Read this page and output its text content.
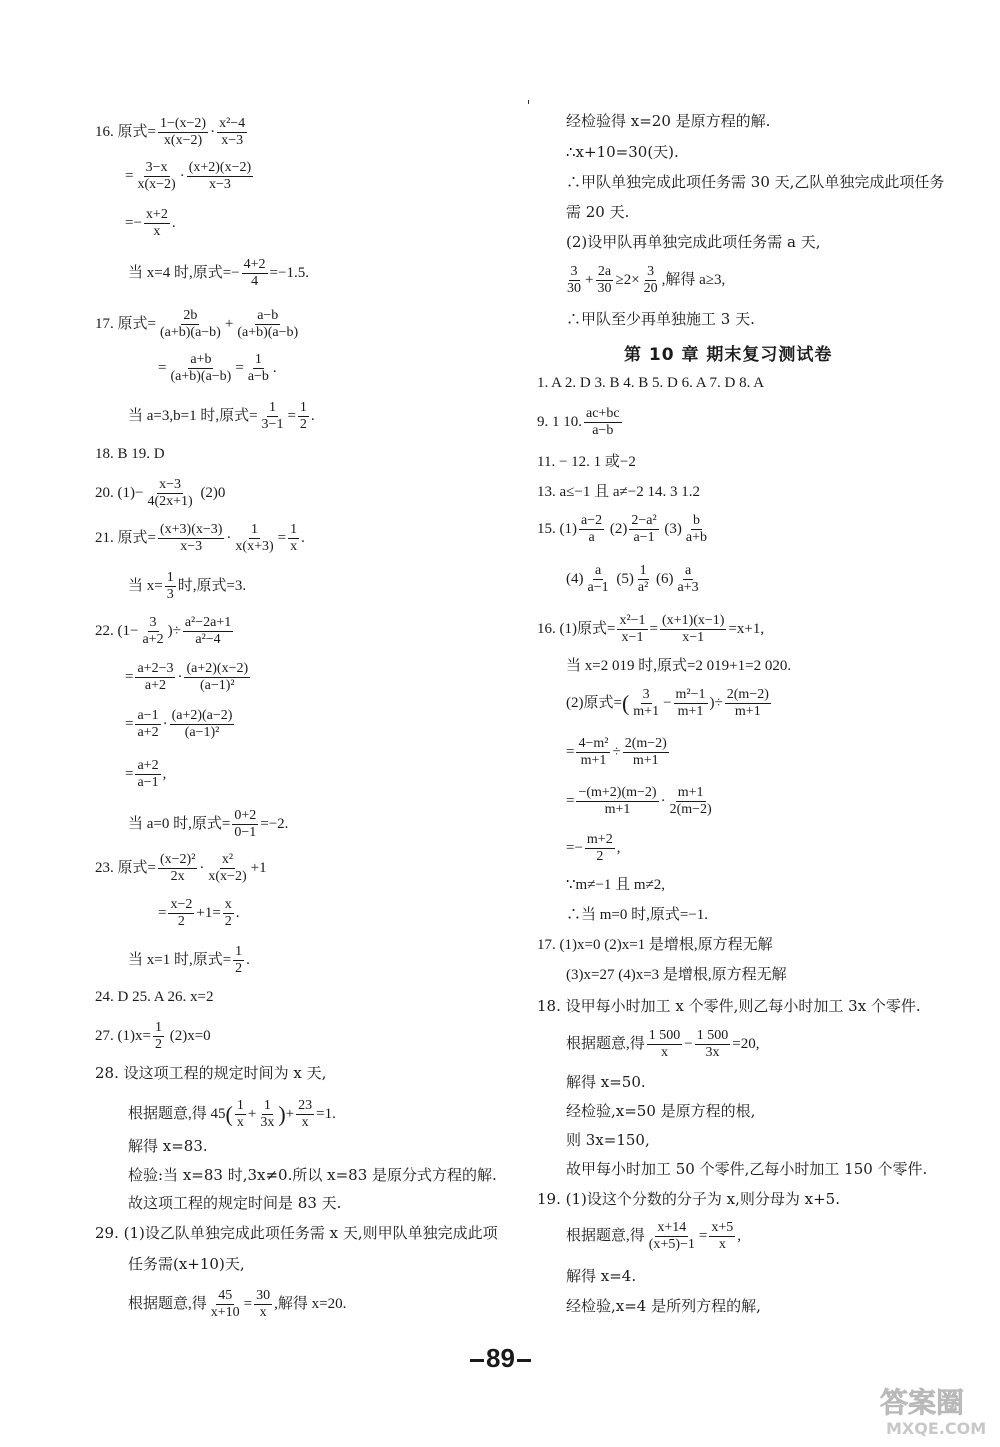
16. 原式= $\frac{1-(x-2)}{x(x-2)} \cdot \frac{\text{x²−4}}{x-3}$
= $\frac{3-x}{x(x-2)} \cdot \frac{(x+2)(x-2)}{x-3}$
=− $\frac{x+2}{x}$ .
当 x=4 时,原式=− $\frac{4+2}{4} =-1.5$.
17. 原式= $\frac{2b}{(a+b)(a-b)} + \frac{a-b}{(a+b)(a-b)}$
= $\frac{a+b}{(a+b)(a-b)} = \frac{1}{a-b}$ .
当 a=3,b=1 时,原式= $\frac{1}{3-1} = \frac{1}{2}$ .
18. B 19. D
20. $(1)- \frac{x-3}{4(2x+1)} (2)0$
21. 原式= $\frac{(x+3)(x-3)}{x-3} \cdot \frac{1}{x(x+3)} = \frac{1}{x}$ .
当 $x= \frac{1}{3}$ 时,原式=3.
22. ($1- \frac{3}{a+2}$ )÷ $\frac{\text{a²−2a+1}}{\text{a²−4}}$
= $\frac{a+2-3}{a+2} \cdot \frac{(a+2)(x-2)}{\text{(a−1)²}}$
= $\frac{a-1}{a+2} \cdot \frac{(a+2)(a-2)}{\text{(a−1)²}}$
= $\frac{a+2}{a-1}$ ,
当 a=0 时,原式= $\frac{0+2}{0-1} =-2$.
23. 原式= $\frac{\text{(x−2)²}}{2x} \cdot \frac{\text{x²}}{x(x-2)} +1$
= $\frac{x-2}{2} +1= \frac{x}{2}$ .
当 x=1 时,原式= $\frac{1}{2}$ .
24. D 25. A 26. x=2
27. $(1)x= \frac{1}{2} (2)x=0$
28. 设这项工程的规定时间为 x 天,
根据题意,得 $45( \frac{1}{x} + \frac{1}{3x}$ )+ $\frac{23}{x} =1$.
解得 x=83.
检验:当 x=83 时,3x≠0.所以 x=83 是原分式方程的解.
故这项工程的规定时间是 83 天.
29. (1)设乙队单独完成此项任务需 x 天,则甲队单独完成此项
任务需(x+10)天,
根据题意,得 $\frac{45}{x+10} = \frac{30}{x}$ ,解得 x=20.
经检验得 x=20 是原方程的解.
∴x+10=30(天).
∴甲队单独完成此项任务需 30 天,乙队单独完成此项任务
需 20 天.
(2)设甲队再单独完成此项任务需 a 天,
$\frac{3}{30} + \frac{2a}{30} \ge 2\times \frac{3}{20}$ ,解得 a≥3,
∴甲队至少再单独施工 3 天.
第 10 章 期末复习测试卷
1. A 2. D 3. B 4. B 5. D 6. A 7. D 8. A
9. 1 10. $\frac{ac+bc}{a-b}$
11. − 12. 1 或−2
13. a≤−1 且 a≠−2 14. 3 1.2
15. $(1) \frac{a-2}{a} (2) \frac{\text{2−a²}}{a-1} (3) \frac{b}{a+b}$
$(4) \frac{a}{a-1} (5) \frac{1}{\text{a²}} (6) \frac{a}{a+3}$
16. (1)原式= $\frac{\text{x²−1}}{x-1} = \frac{(x+1)(x-1)}{x-1} =x+1$,
当 x=2 019 时,原式=2 019+1=2 020.
(2)原式=( $\frac{3}{m+1} - \frac{\text{m²−1}}{m+1}$ )÷ $\frac{2(m-2)}{m+1}$
= $\frac{\text{4−m²}}{m+1} \div \frac{2(m-2)}{m+1}$
= $\frac{-(m+2)(m-2)}{m+1} \cdot \frac{m+1}{2(m-2)}$
=− $\frac{m+2}{2}$ ,
∵m≠−1 且 m≠2,
∴当 m=0 时,原式=−1.
17. (1)x=0 (2)x=1 是增根,原方程无解
(3)x=27 (4)x=3 是增根,原方程无解
18. 设甲每小时加工 x 个零件,则乙每小时加工 3x 个零件.
根据题意,得 $\frac{1 500}{x} - \frac{1 500}{3x} =20$,
解得 x=50.
经检验,x=50 是原方程的根,
则 3x=150,
故甲每小时加工 50 个零件,乙每小时加工 150 个零件.
19. (1)设这个分数的分子为 x,则分母为 x+5.
根据题意,得 $\frac{x+14}{(x+5)-1} = \frac{x+5}{x}$ ,
解得 x=4.
经检验,x=4 是所列方程的解,
89
答案圈
MXQE.COM
